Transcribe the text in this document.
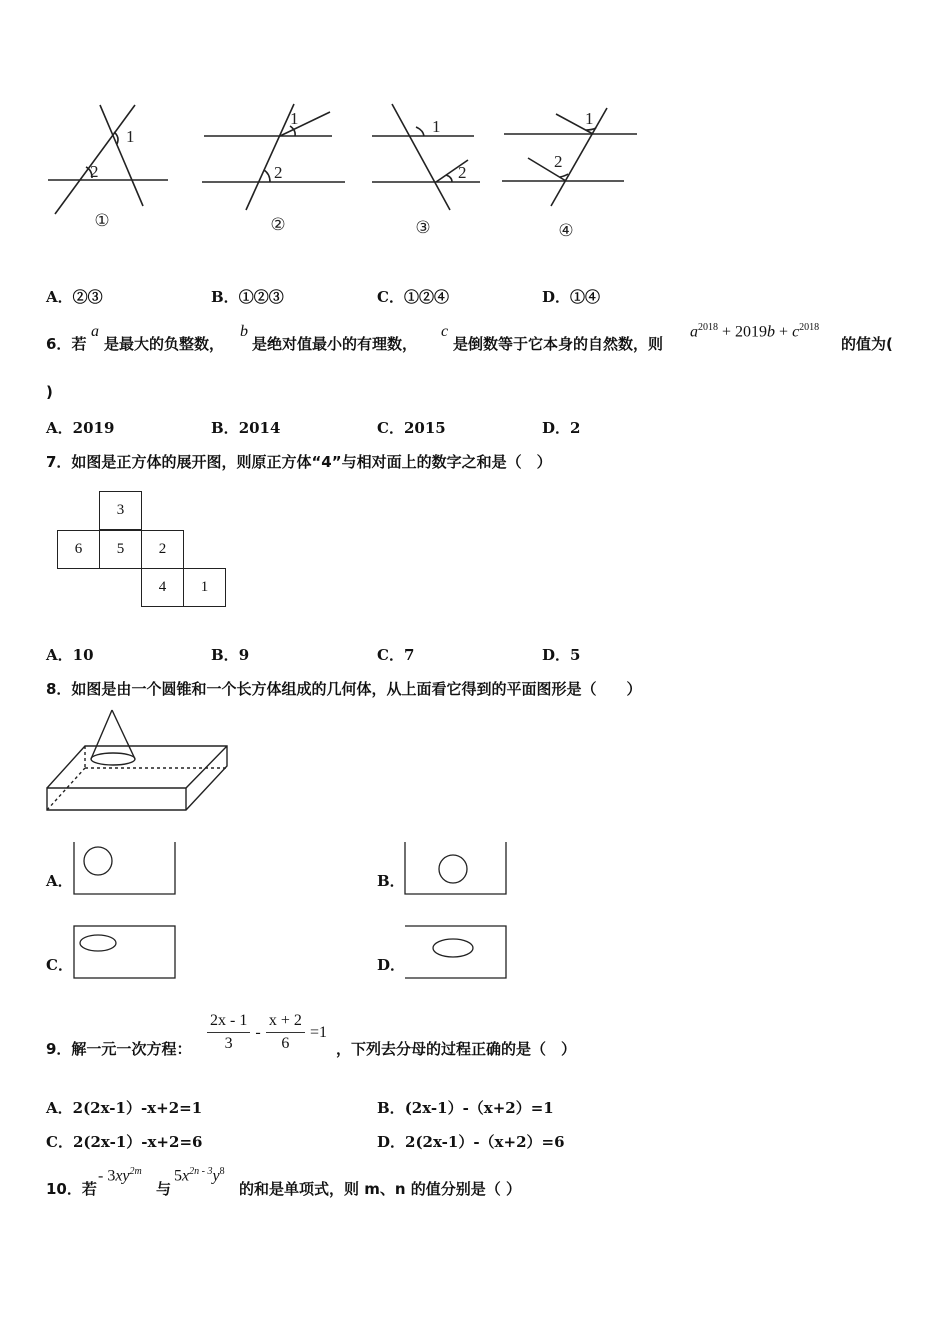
1
2
1
2
1
2
1
2
①	②	③	④
A．②③	B．①②③	C．①②④	D．①④
6．若
a
是最大的负整数，
b
是绝对值最小的有理数，
c
是倒数等于它本身的自然数，则
$a^{2018} + 2019b + c^{2018}$
的值为(
)
A．2019	B．2014	C．2015	D．2
7．如图是正方体的展开图，则原正方体“4”与相对面上的数字之和是（　）
3
6	5	2
4	1
A．10	B．9	C．7	D．5
8．如图是由一个圆锥和一个长方体组成的几何体，从上面看它得到的平面图形是（　　）
A．	B．
C．	D．
9．解一元一次方程： $\frac{2x - 1}{3} - \frac{x + 2}{6} =1$
，下列去分母的过程正确的是（　）
A．2(2x-1）-x+2=1	B．(2x-1）-（x+2）=1
C．2(2x-1）-x+2=6	D．2(2x-1）-（x+2）=6
10．若
- $3xy^{2m}$
与
$5x^{2n - 3}y^8$
的和是单项式，则 m、n 的值分别是（ ）
